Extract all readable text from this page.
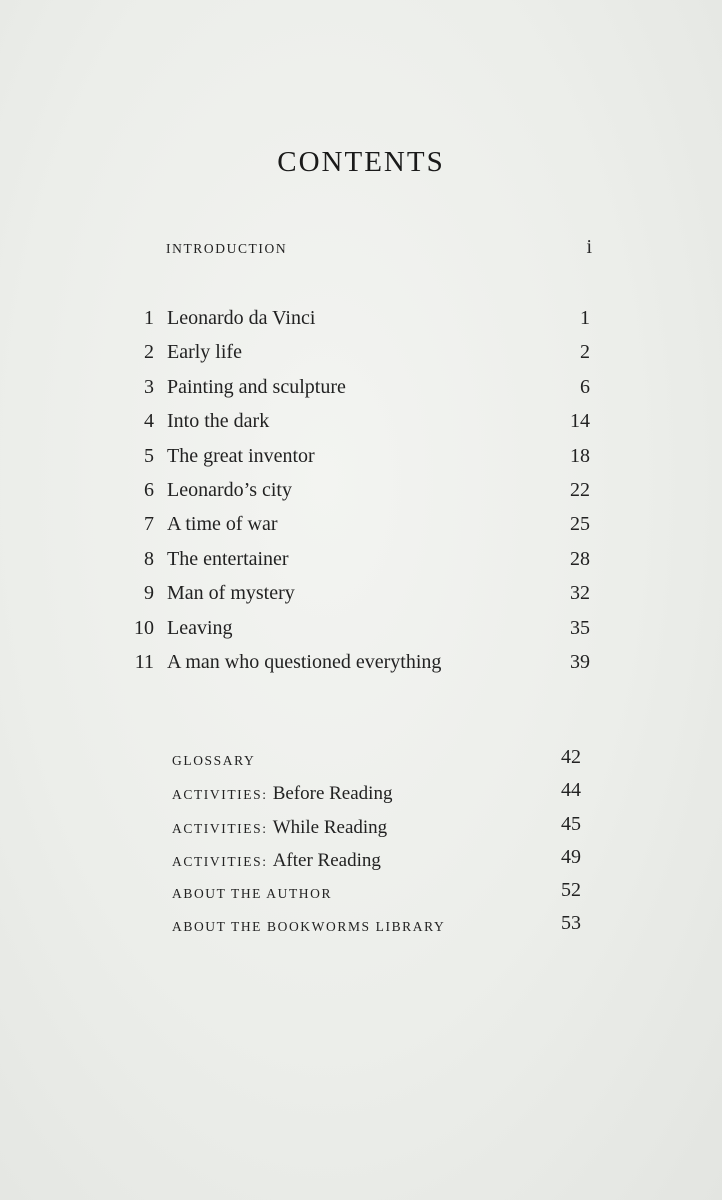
CONTENTS
INTRODUCTION	i
1 Leonardo da Vinci	1
2 Early life	2
3 Painting and sculpture	6
4 Into the dark	14
5 The great inventor	18
6 Leonardo’s city	22
7 A time of war	25
8 The entertainer	28
9 Man of mystery	32
10 Leaving	35
11 A man who questioned everything	39
GLOSSARY	42
ACTIVITIES: Before Reading	44
ACTIVITIES: While Reading	45
ACTIVITIES: After Reading	49
ABOUT THE AUTHOR	52
ABOUT THE BOOKWORMS LIBRARY	53
